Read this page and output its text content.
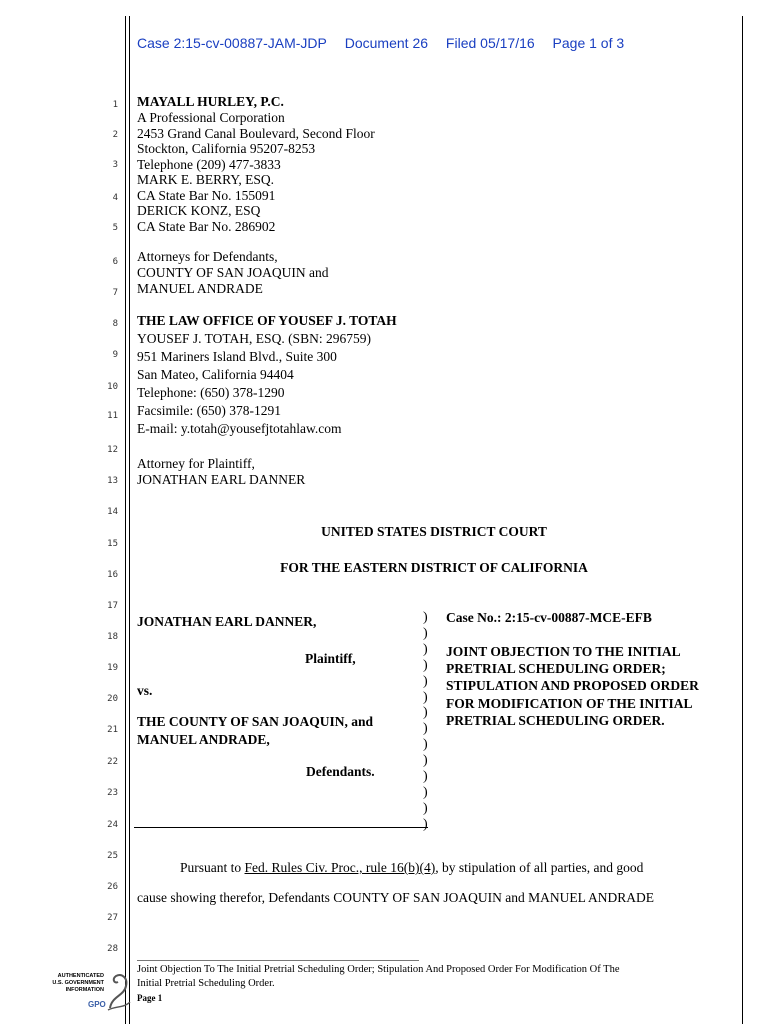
Case 2:15-cv-00887-JAM-JDP Document 26 Filed 05/17/16 Page 1 of 3
1
2
3
4
5
6
7
8
9
10
11
12
13
14
15
16
17
18
19
20
21
22
23
24
25
26
27
28
MAYALL HURLEY, P.C.
A Professional Corporation
2453 Grand Canal Boulevard, Second Floor
Stockton, California 95207-8253
Telephone (209) 477-3833
MARK E. BERRY, ESQ.
CA State Bar No. 155091
DERICK KONZ, ESQ
CA State Bar No. 286902
Attorneys for Defendants,
COUNTY OF SAN JOAQUIN and
MANUEL ANDRADE
THE LAW OFFICE OF YOUSEF J. TOTAH
YOUSEF J. TOTAH, ESQ. (SBN: 296759)
951 Mariners Island Blvd., Suite 300
San Mateo, California 94404
Telephone: (650) 378-1290
Facsimile: (650) 378-1291
E-mail: y.totah@yousefjtotahlaw.com
Attorney for Plaintiff,
JONATHAN EARL DANNER
UNITED STATES DISTRICT COURT
FOR THE EASTERN DISTRICT OF CALIFORNIA
JONATHAN EARL DANNER,
Plaintiff,
vs.
THE COUNTY OF SAN JOAQUIN, and
MANUEL ANDRADE,
Defendants.
)
)
)
)
)
)
)
)
)
)
)
)
)
)
Case No.: 2:15-cv-00887-MCE-EFB
JOINT OBJECTION TO THE INITIAL
PRETRIAL SCHEDULING ORDER;
STIPULATION AND PROPOSED ORDER
FOR MODIFICATION OF THE INITIAL
PRETRIAL SCHEDULING ORDER.
Pursuant to Fed. Rules Civ. Proc., rule 16(b)(4), by stipulation of all parties, and good
cause showing therefor, Defendants COUNTY OF SAN JOAQUIN and MANUEL ANDRADE
Joint Objection To The Initial Pretrial Scheduling Order; Stipulation And Proposed Order For Modification Of The
Initial Pretrial Scheduling Order.
Page 1
AUTHENTICATED
U.S. GOVERNMENT
INFORMATION
GPO
